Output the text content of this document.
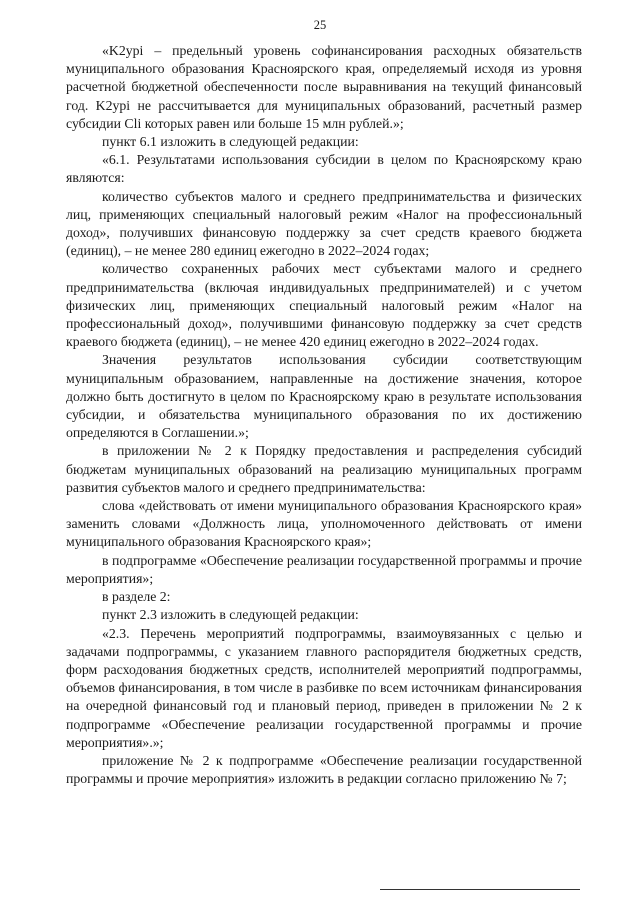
25

«K2урi – предельный уровень софинансирования расходных обязательств муниципального образования Красноярского края, определяемый исходя из уровня расчетной бюджетной обеспеченности после выравнивания на текущий финансовый год. K2урi не рассчитывается для муниципальных образований, расчетный размер субсидии Сli которых равен или больше 15 млн рублей.»;

пункт 6.1 изложить в следующей редакции:

«6.1. Результатами использования субсидии в целом по Красноярскому краю являются:

количество субъектов малого и среднего предпринимательства и физических лиц, применяющих специальный налоговый режим «Налог на профессиональный доход», получивших финансовую поддержку за счет средств краевого бюджета (единиц), – не менее 280 единиц ежегодно в 2022–2024 годах;

количество сохраненных рабочих мест субъектами малого и среднего предпринимательства (включая индивидуальных предпринимателей) и с учетом физических лиц, применяющих специальный налоговый режим «Налог на профессиональный доход», получившими финансовую поддержку за счет средств краевого бюджета (единиц), – не менее 420 единиц ежегодно в 2022–2024 годах.

Значения результатов использования субсидии соответствующим муниципальным образованием, направленные на достижение значения, которое должно быть достигнуто в целом по Красноярскому краю в результате использования субсидии, и обязательства муниципального образования по их достижению определяются в Соглашении.»;

в приложении № 2 к Порядку предоставления и распределения субсидий бюджетам муниципальных образований на реализацию муниципальных программ развития субъектов малого и среднего предпринимательства:

слова «действовать от имени муниципального образования Красноярского края» заменить словами «Должность лица, уполномоченного действовать от имени муниципального образования Красноярского края»;

в подпрограмме «Обеспечение реализации государственной программы и прочие мероприятия»;

в разделе 2:

пункт 2.3 изложить в следующей редакции:

«2.3. Перечень мероприятий подпрограммы, взаимоувязанных с целью и задачами подпрограммы, с указанием главного распорядителя бюджетных средств, форм расходования бюджетных средств, исполнителей мероприятий подпрограммы, объемов финансирования, в том числе в разбивке по всем источникам финансирования на очередной финансовый год и плановый период, приведен в приложении № 2 к подпрограмме «Обеспечение реализации государственной программы и прочие мероприятия».»;

приложение № 2 к подпрограмме «Обеспечение реализации государственной программы и прочие мероприятия» изложить в редакции согласно приложению № 7;
